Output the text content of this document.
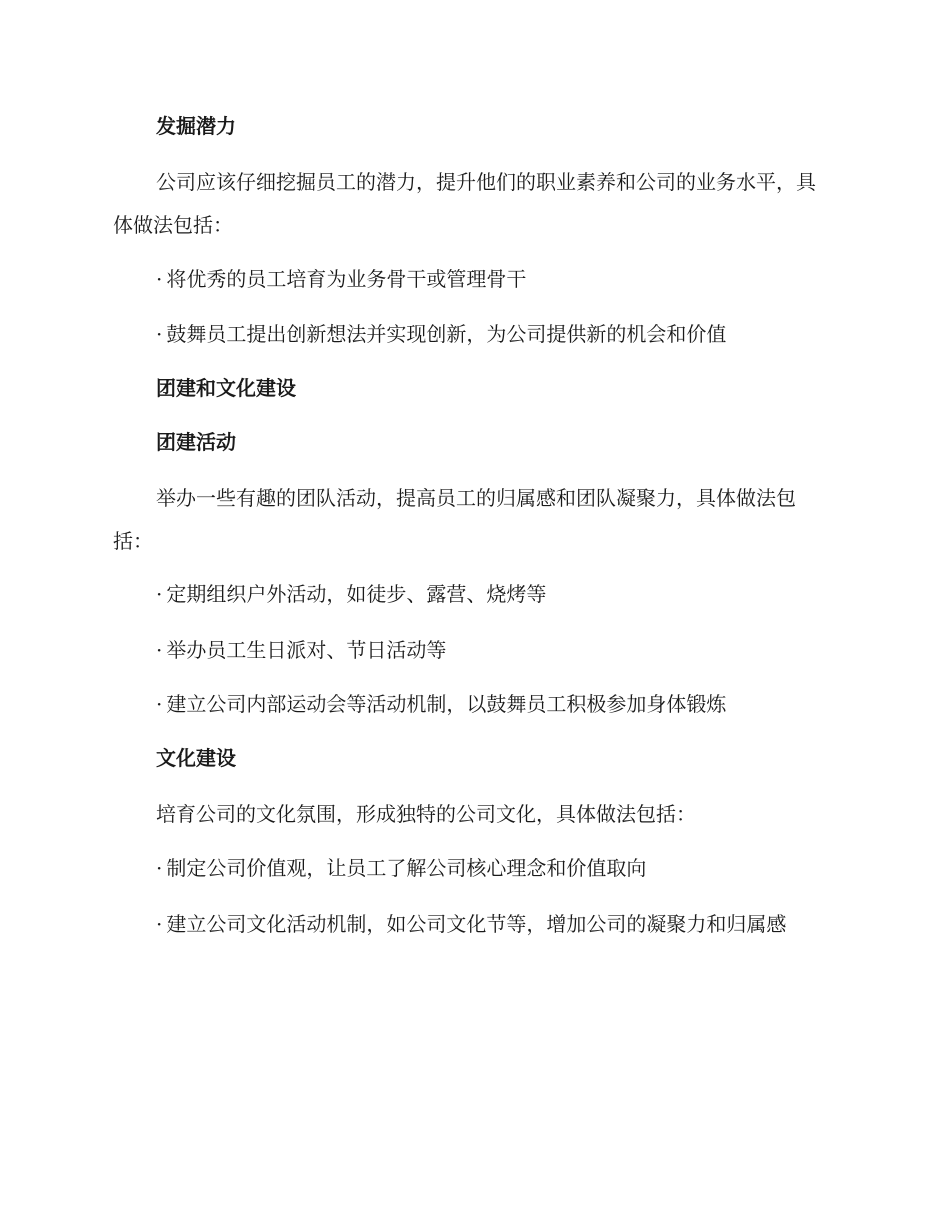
发掘潜力
公司应该仔细挖掘员工的潜力，提升他们的职业素养和公司的业务水平，具体做法包括：
· 将优秀的员工培育为业务骨干或管理骨干
· 鼓舞员工提出创新想法并实现创新，为公司提供新的机会和价值
团建和文化建设
团建活动
举办一些有趣的团队活动，提高员工的归属感和团队凝聚力，具体做法包括：
· 定期组织户外活动，如徒步、露营、烧烤等
· 举办员工生日派对、节日活动等
· 建立公司内部运动会等活动机制，以鼓舞员工积极参加身体锻炼
文化建设
培育公司的文化氛围，形成独特的公司文化，具体做法包括：
· 制定公司价值观，让员工了解公司核心理念和价值取向
· 建立公司文化活动机制，如公司文化节等，增加公司的凝聚力和归属感
